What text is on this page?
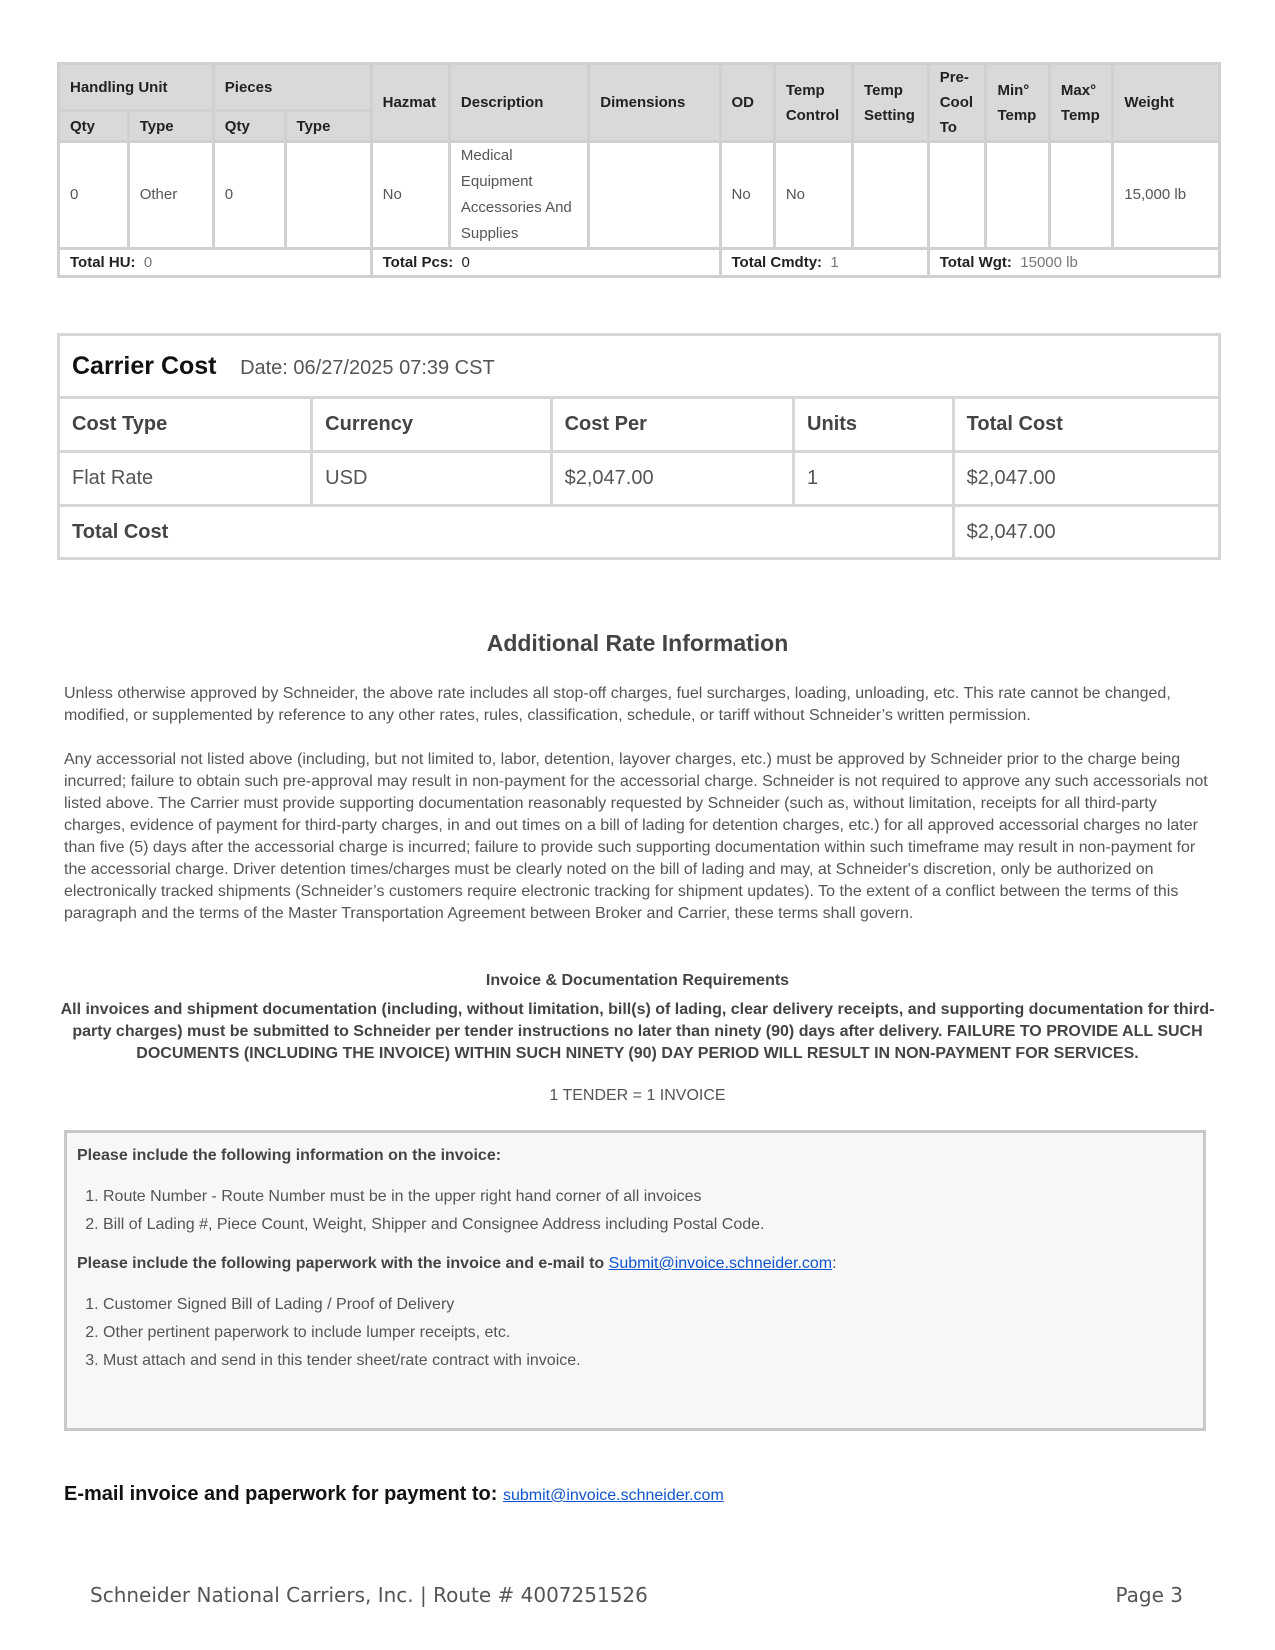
Handling Unit		Pieces		Hazmat	Description	Dimensions	OD	Temp Control	Temp Setting	Pre-Cool To	Min° Temp	Max° Temp	Weight
Qty	Type	Qty	Type										
0	Other	0		No	Medical Equipment Accessories And Supplies		No	No					15,000 lb
Total HU: 0				Total Pcs: 0			Total Cmdty: 1			Total Wgt: 15000 lb			
Carrier Cost Date: 06/27/2025 07:39 CST				
Cost Type	Currency	Cost Per	Units	Total Cost
Flat Rate	USD	$2,047.00	1	$2,047.00
Total Cost				$2,047.00
Additional Rate Information

Unless otherwise approved by Schneider, the above rate includes all stop-off charges, fuel surcharges, loading, unloading, etc. This rate cannot be changed, modified, or supplemented by reference to any other rates, rules, classification, schedule, or tariff without Schneider’s written permission.

Any accessorial not listed above (including, but not limited to, labor, detention, layover charges, etc.) must be approved by Schneider prior to the charge being incurred; failure to obtain such pre-approval may result in non-payment for the accessorial charge. Schneider is not required to approve any such accessorials not listed above. The Carrier must provide supporting documentation reasonably requested by Schneider (such as, without limitation, receipts for all third-party charges, evidence of payment for third-party charges, in and out times on a bill of lading for detention charges, etc.) for all approved accessorial charges no later than five (5) days after the accessorial charge is incurred; failure to provide such supporting documentation within such timeframe may result in non-payment for the accessorial charge. Driver detention times/charges must be clearly noted on the bill of lading and may, at Schneider's discretion, only be authorized on electronically tracked shipments (Schneider’s customers require electronic tracking for shipment updates). To the extent of a conflict between the terms of this paragraph and the terms of the Master Transportation Agreement between Broker and Carrier, these terms shall govern.

Invoice & Documentation Requirements

All invoices and shipment documentation (including, without limitation, bill(s) of lading, clear delivery receipts, and supporting documentation for third-party charges) must be submitted to Schneider per tender instructions no later than ninety (90) days after delivery. FAILURE TO PROVIDE ALL SUCH DOCUMENTS (INCLUDING THE INVOICE) WITHIN SUCH NINETY (90) DAY PERIOD WILL RESULT IN NON-PAYMENT FOR SERVICES.

1 TENDER = 1 INVOICE

Please include the following information on the invoice:

1. Route Number - Route Number must be in the upper right hand corner of all invoices
2. Bill of Lading #, Piece Count, Weight, Shipper and Consignee Address including Postal Code.

Please include the following paperwork with the invoice and e-mail to Submit@invoice.schneider.com:

1. Customer Signed Bill of Lading / Proof of Delivery
2. Other pertinent paperwork to include lumper receipts, etc.
3. Must attach and send in this tender sheet/rate contract with invoice.
E-mail invoice and paperwork for payment to: submit@invoice.schneider.com
Schneider National Carriers, Inc. | Route # 4007251526	Page 3
